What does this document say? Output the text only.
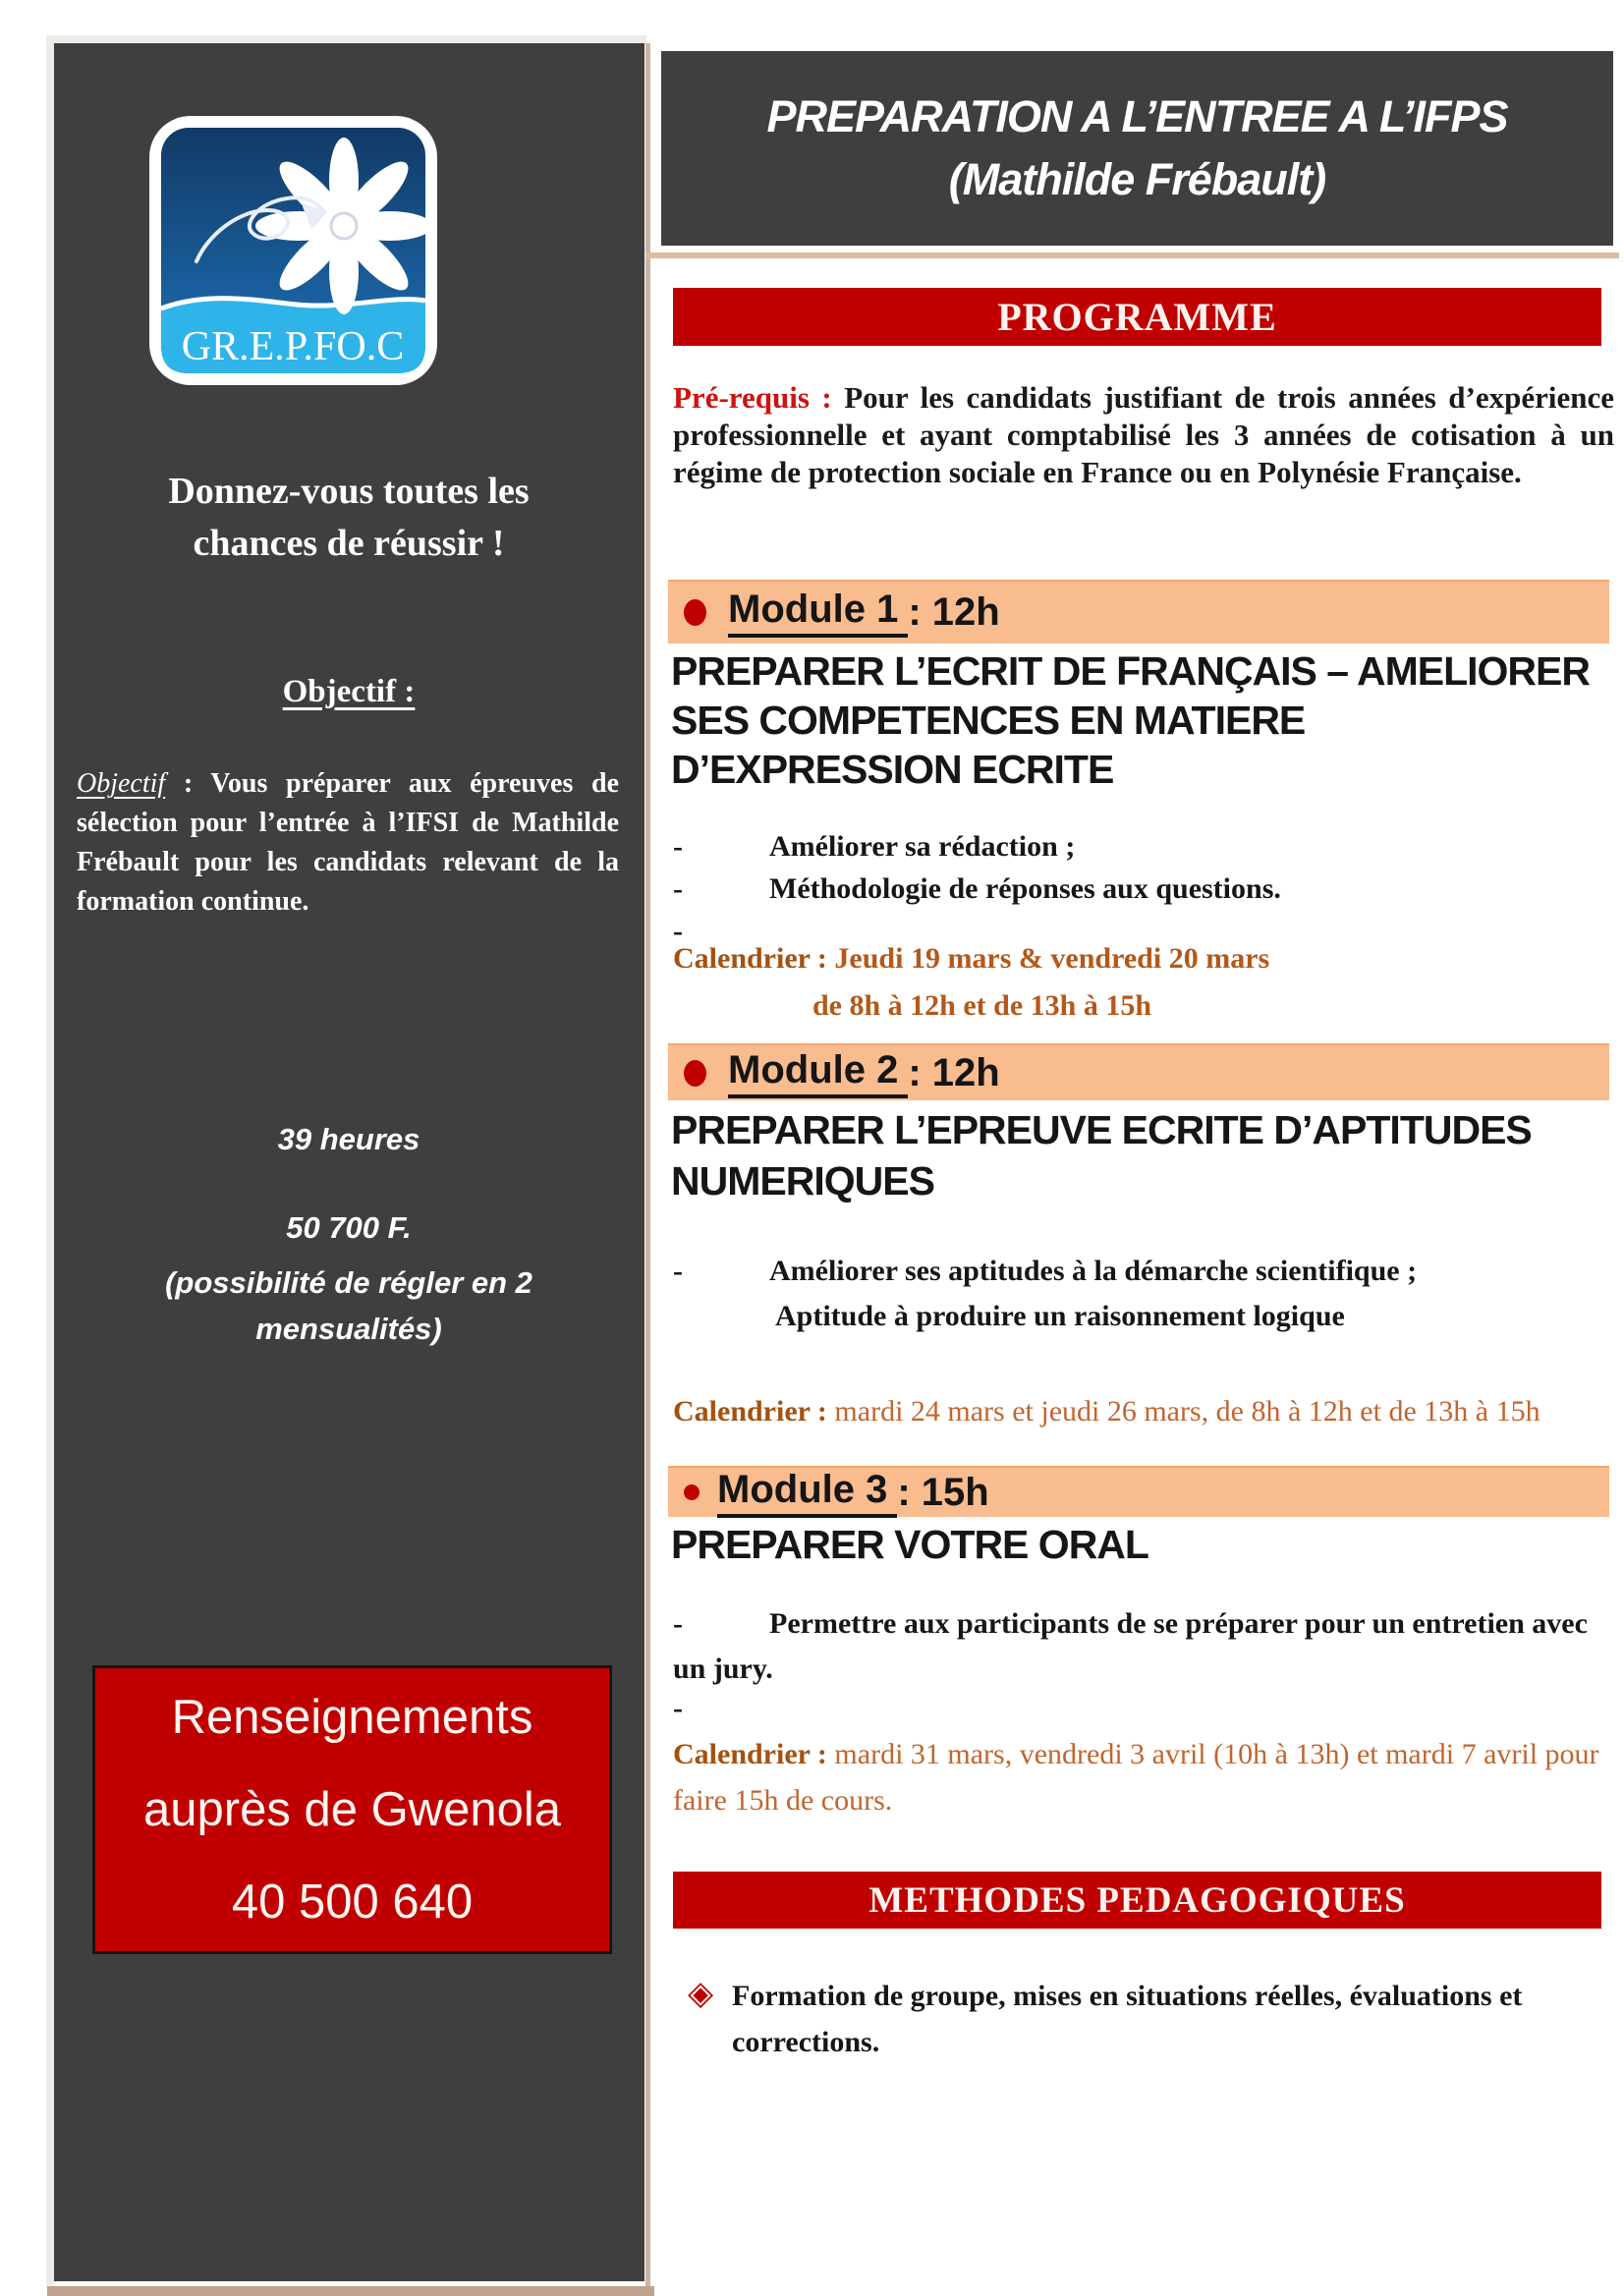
GR.E.P.FO.C
Donnez-vous toutes les
chances de réussir !
Objectif :
Objectif : Vous préparer aux épreuves de sélection pour l’entrée à l’IFSI de Mathilde Frébault pour les candidats relevant de la formation continue.
39 heures
50 700 F.
(possibilité de régler en 2
mensualités)
Renseignements
auprès de Gwenola
40 500 640
PREPARATION A L’ENTREE A L’IFPS
(Mathilde Frébault)
PROGRAMME
Pré-requis : Pour les candidats justifiant de trois années d’expérience professionnelle et ayant comptabilisé les 3 années de cotisation à un régime de protection sociale en France ou en Polynésie Française.
Module 1 : 12h
PREPARER L’ECRIT DE FRANÇAIS – AMELIORER
SES COMPETENCES EN MATIERE
D’EXPRESSION ECRITE
-	Améliorer sa rédaction ;
-	Méthodologie de réponses aux questions.
-
Calendrier : Jeudi 19 mars & vendredi 20 mars
de 8h à 12h et de 13h à 15h
Module 2 : 12h
PREPARER L’EPREUVE ECRITE D’APTITUDES
NUMERIQUES
-	Améliorer ses aptitudes à la démarche scientifique ;
Aptitude à produire un raisonnement logique
Calendrier : mardi 24 mars et jeudi 26 mars, de 8h à 12h et de 13h à 15h
Module 3 : 15h
PREPARER VOTRE ORAL
-	Permettre aux participants de se préparer pour un entretien avec un jury.
-
Calendrier : mardi 31 mars, vendredi 3 avril (10h à 13h) et mardi 7 avril pour faire 15h de cours.
METHODES PEDAGOGIQUES
◈ Formation de groupe, mises en situations réelles, évaluations et corrections.
